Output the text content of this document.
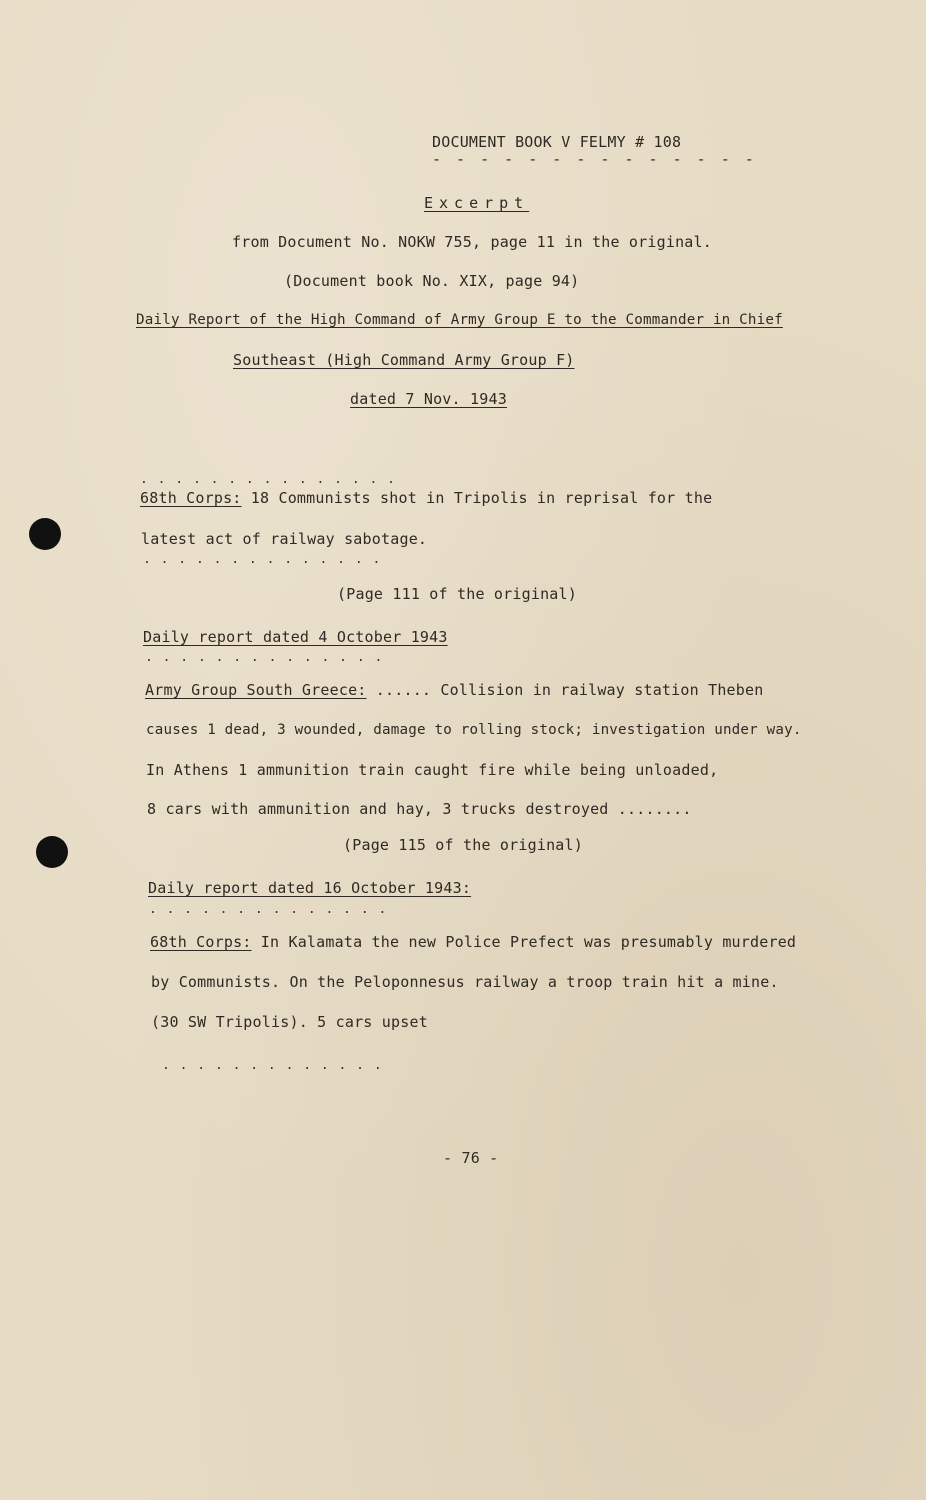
DOCUMENT BOOK V FELMY # 108
- - - - - - - - - - - - - -
Excerpt
from Document No. NOKW 755, page 11 in the original.
(Document book No. XIX, page 94)
Daily Report of the High Command of Army Group E to the Commander in Chief
Southeast (High Command Army Group F)
dated 7 Nov. 1943
. . . . . . . . . . . . . . .
68th Corps: 18 Communists shot in Tripolis in reprisal for the
latest act of railway sabotage.
. . . . . . . . . . . . . .
(Page 111 of the original)
Daily report dated 4 October 1943
. . . . . . . . . . . . . .
Army Group South Greece: ...... Collision in railway station Theben
causes 1 dead, 3 wounded, damage to rolling stock; investigation under way.
In Athens 1 ammunition train caught fire while being unloaded,
8 cars with ammunition and hay, 3 trucks destroyed ........
(Page 115 of the original)
Daily report dated 16 October 1943:
. . . . . . . . . . . . . .
68th Corps: In Kalamata the new Police Prefect was presumably murdered
by Communists. On the Peloponnesus railway a troop train hit a mine.
(30 SW Tripolis). 5 cars upset
. . . . . . . . . . . . .
- 76 -
